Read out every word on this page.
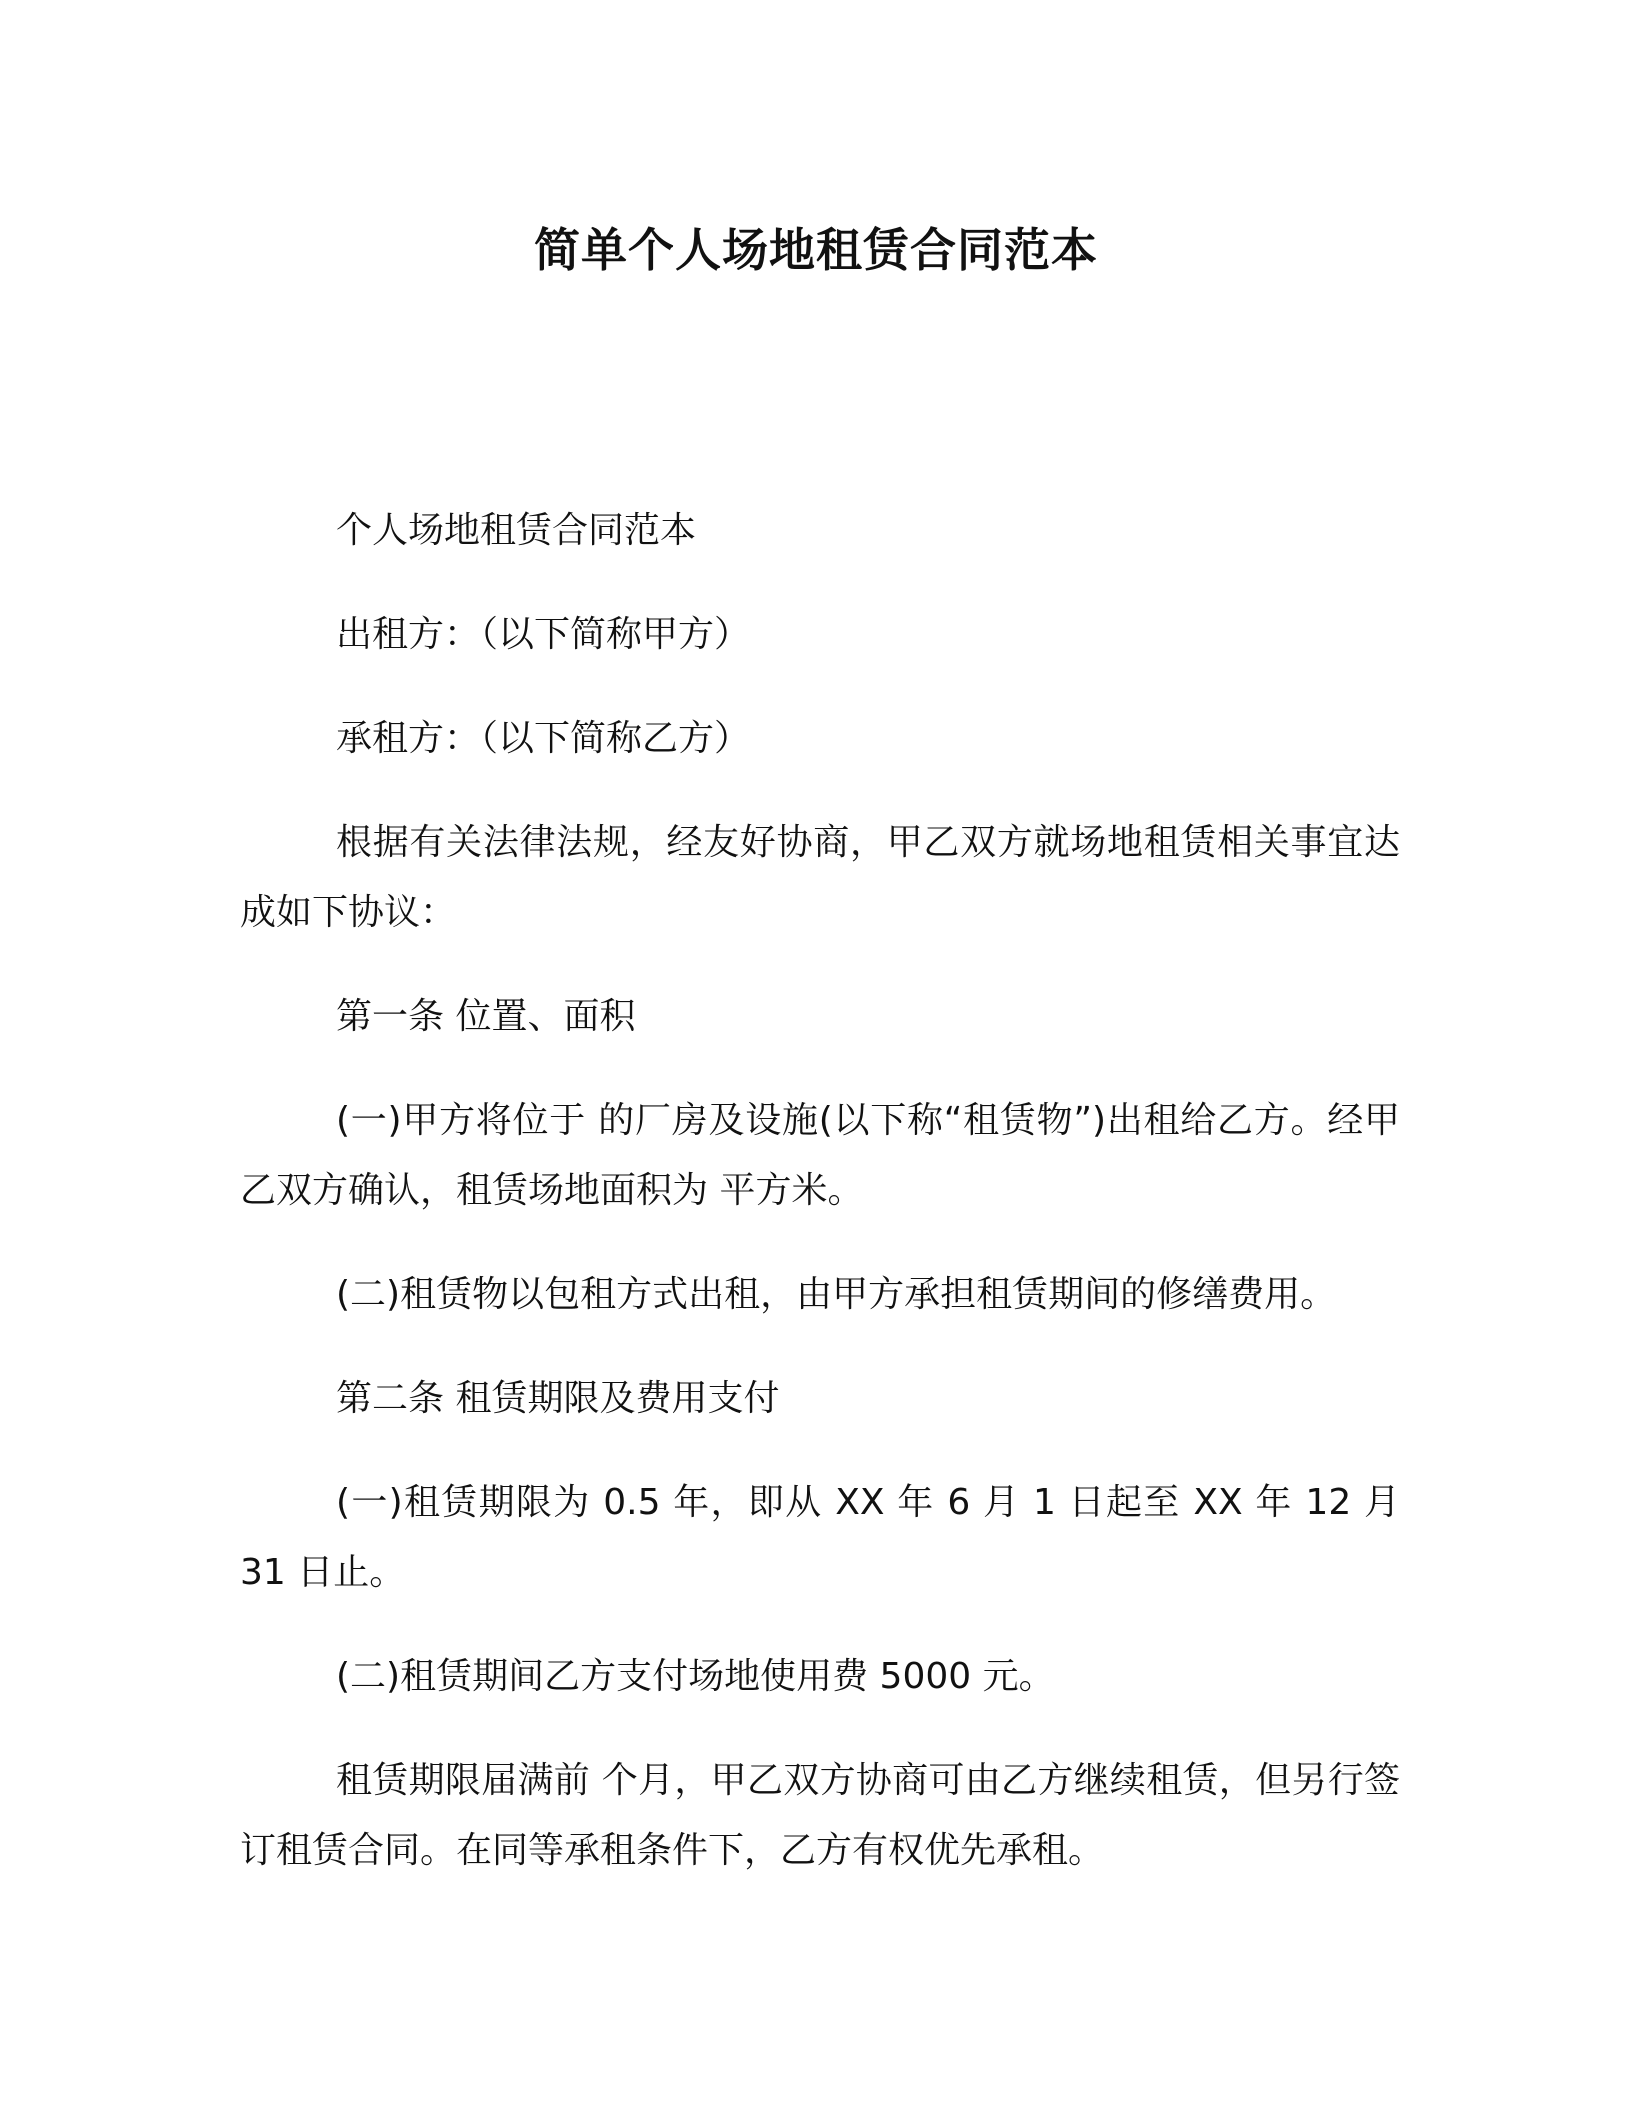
简单个人场地租赁合同范本

个人场地租赁合同范本

出租方：（以下简称甲方）

承租方：（以下简称乙方）

根据有关法律法规，经友好协商，甲乙双方就场地租赁相关事宜达成如下协议：

第一条 位置、面积

(一)甲方将位于 的厂房及设施(以下称“租赁物”)出租给乙方。经甲乙双方确认，租赁场地面积为 平方米。

(二)租赁物以包租方式出租，由甲方承担租赁期间的修缮费用。

第二条 租赁期限及费用支付

(一)租赁期限为 0.5 年，即从 XX 年 6 月 1 日起至 XX 年 12 月 31 日止。

(二)租赁期间乙方支付场地使用费 5000 元。

租赁期限届满前 个月，甲乙双方协商可由乙方继续租赁，但另行签订租赁合同。在同等承租条件下，乙方有权优先承租。
